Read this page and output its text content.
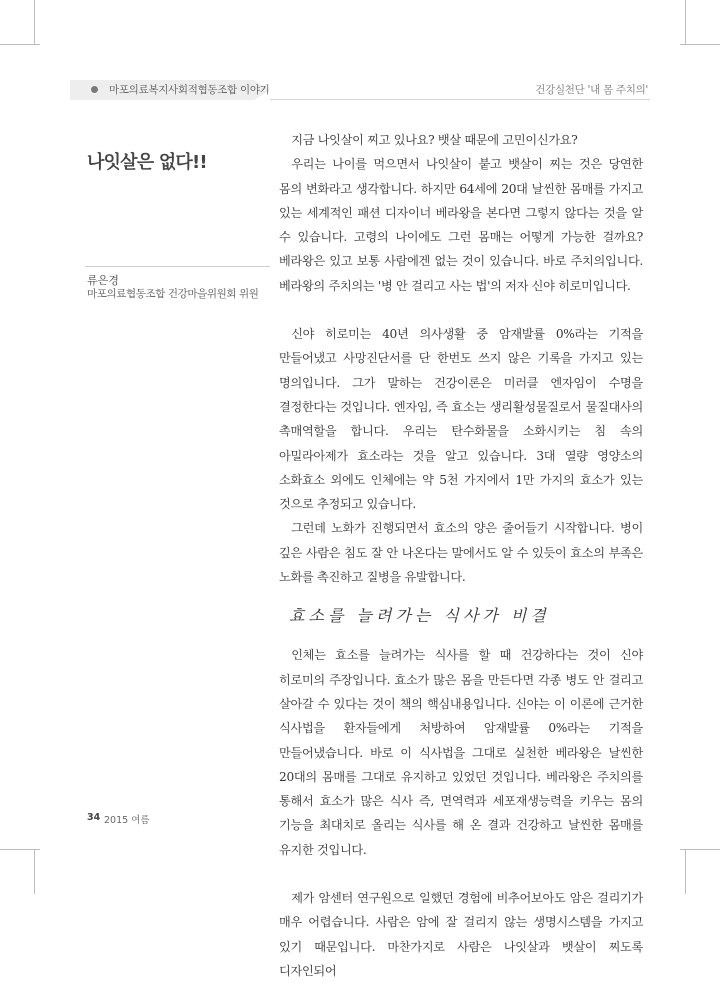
마포의료복지사회적협동조합 이야기	건강실천단 '내 몸 주치의'
나잇살은 없다!!
류은경
마포의료협동조합 건강마을위원회 위원

지금 나잇살이 찌고 있나요? 뱃살 때문에 고민이신가요?

우리는 나이를 먹으면서 나잇살이 붙고 뱃살이 찌는 것은 당연한 몸의 변화라고 생각합니다. 하지만 64세에 20대 날씬한 몸매를 가지고 있는 세계적인 패션 디자이너 베라왕을 본다면 그렇지 않다는 것을 알 수 있습니다. 고령의 나이에도 그런 몸매는 어떻게 가능한 걸까요? 베라왕은 있고 보통 사람에겐 없는 것이 있습니다. 바로 주치의입니다. 베라왕의 주치의는 '병 안 걸리고 사는 법'의 저자 신야 히로미입니다.

신야 히로미는 40년 의사생활 중 암재발률 0%라는 기적을 만들어냈고 사망진단서를 단 한번도 쓰지 않은 기록을 가지고 있는 명의입니다. 그가 말하는 건강이론은 미러클 엔자임이 수명을 결정한다는 것입니다. 엔자임, 즉 효소는 생리활성물질로서 물질대사의 촉매역할을 합니다. 우리는 탄수화물을 소화시키는 침 속의 아밀라아제가 효소라는 것을 알고 있습니다. 3대 열량 영양소의 소화효소 외에도 인체에는 약 5천 가지에서 1만 가지의 효소가 있는 것으로 추정되고 있습니다.

그런데 노화가 진행되면서 효소의 양은 줄어들기 시작합니다. 병이 깊은 사람은 침도 잘 안 나온다는 말에서도 알 수 있듯이 효소의 부족은 노화를 촉진하고 질병을 유발합니다.

효소를 늘려가는 식사가 비결

인체는 효소를 늘려가는 식사를 할 때 건강하다는 것이 신야 히로미의 주장입니다. 효소가 많은 몸을 만든다면 각종 병도 안 걸리고 살아갈 수 있다는 것이 책의 핵심내용입니다. 신야는 이 이론에 근거한 식사법을 환자들에게 처방하여 암재발률 0%라는 기적을 만들어냈습니다. 바로 이 식사법을 그대로 실천한 베라왕은 날씬한 20대의 몸매를 그대로 유지하고 있었던 것입니다. 베라왕은 주치의를 통해서 효소가 많은 식사 즉, 면역력과 세포재생능력을 키우는 몸의 기능을 최대치로 올리는 식사를 해 온 결과 건강하고 날씬한 몸매를 유지한 것입니다.

제가 암센터 연구원으로 일했던 경험에 비추어보아도 암은 걸리기가 매우 어렵습니다. 사람은 암에 잘 걸리지 않는 생명시스템을 가지고 있기 때문입니다. 마찬가지로 사람은 나잇살과 뱃살이 찌도록 디자인되어

34 2015 여름
